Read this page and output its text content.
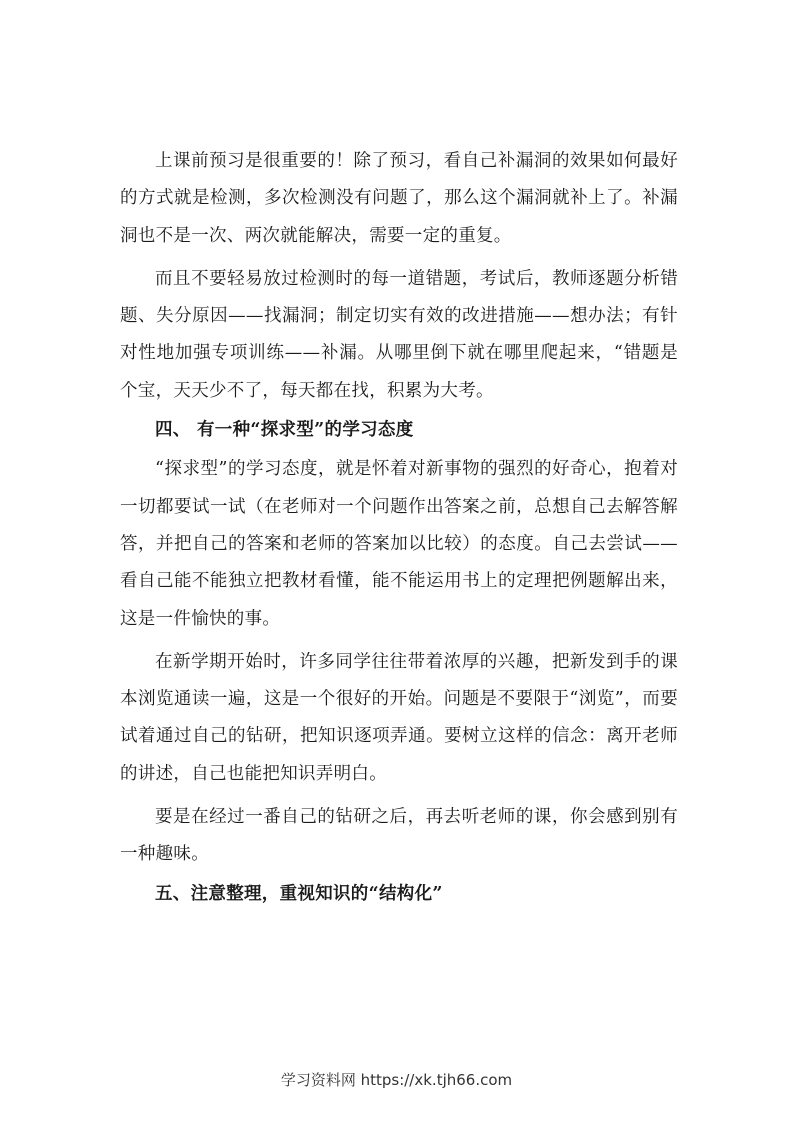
上课前预习是很重要的！除了预习，看自己补漏洞的效果如何最好的方式就是检测，多次检测没有问题了，那么这个漏洞就补上了。补漏洞也不是一次、两次就能解决，需要一定的重复。

而且不要轻易放过检测时的每一道错题，考试后，教师逐题分析错题、失分原因——找漏洞；制定切实有效的改进措施——想办法；有针对性地加强专项训练——补漏。从哪里倒下就在哪里爬起来，“错题是个宝，天天少不了，每天都在找，积累为大考。

四、 有一种“探求型”的学习态度

“探求型”的学习态度，就是怀着对新事物的强烈的好奇心，抱着对一切都要试一试（在老师对一个问题作出答案之前，总想自己去解答解答，并把自己的答案和老师的答案加以比较）的态度。自己去尝试——看自己能不能独立把教材看懂，能不能运用书上的定理把例题解出来，这是一件愉快的事。

在新学期开始时，许多同学往往带着浓厚的兴趣，把新发到手的课本浏览通读一遍，这是一个很好的开始。问题是不要限于“浏览”，而要试着通过自己的钻研，把知识逐项弄通。要树立这样的信念：离开老师的讲述，自己也能把知识弄明白。

要是在经过一番自己的钻研之后，再去听老师的课，你会感到别有一种趣味。

五、注意整理，重视知识的“结构化”

学习资料网 https://xk.tjh66.com
